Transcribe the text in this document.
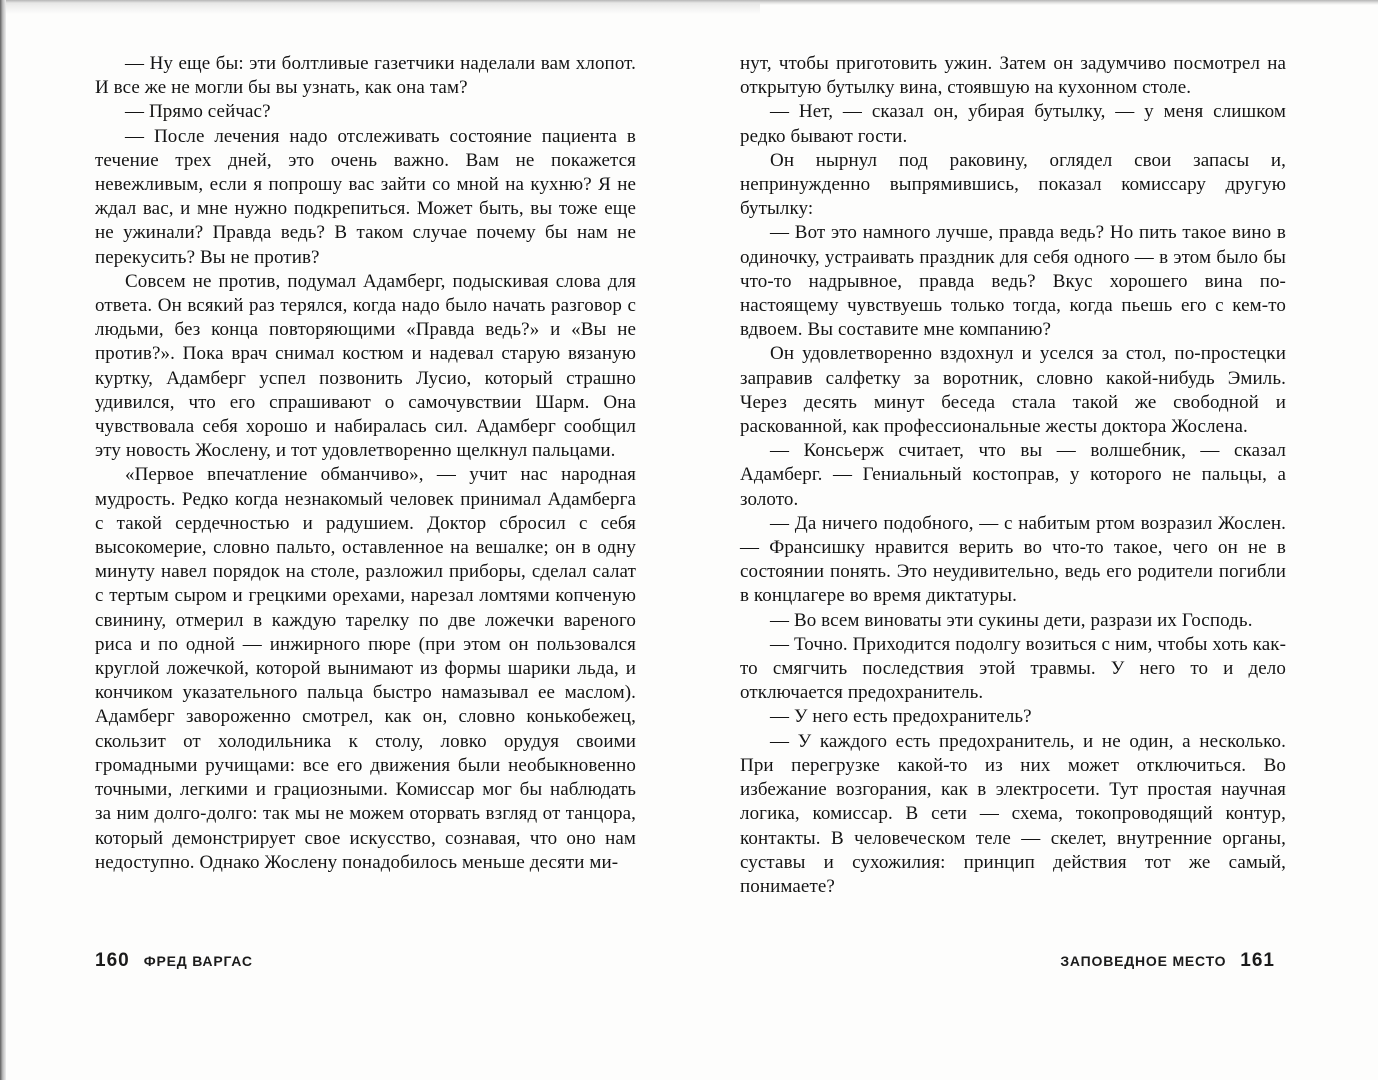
— Ну еще бы: эти болтливые газетчики наделали вам хлопот. И все же не могли бы вы узнать, как она там?

— Прямо сейчас?

— После лечения надо отслеживать состояние пациента в течение трех дней, это очень важно. Вам не покажется невежливым, если я попрошу вас зайти со мной на кухню? Я не ждал вас, и мне нужно подкрепиться. Может быть, вы тоже еще не ужинали? Правда ведь? В таком случае почему бы нам не перекусить? Вы не против?

Совсем не против, подумал Адамберг, подыскивая слова для ответа. Он всякий раз терялся, когда надо было начать разговор с людьми, без конца повторяющими «Правда ведь?» и «Вы не против?». Пока врач снимал костюм и надевал старую вязаную куртку, Адамберг успел позвонить Лусио, который страшно удивился, что его спрашивают о самочувствии Шарм. Она чувствовала себя хорошо и набиралась сил. Адамберг сообщил эту новость Жослену, и тот удовлетворенно щелкнул пальцами.

«Первое впечатление обманчиво», — учит нас народная мудрость. Редко когда незнакомый человек принимал Адамберга с такой сердечностью и радушием. Доктор сбросил с себя высокомерие, словно пальто, оставленное на вешалке; он в одну минуту навел порядок на столе, разложил приборы, сделал салат с тертым сыром и грецкими орехами, нарезал ломтями копченую свинину, отмерил в каждую тарелку по две ложечки вареного риса и по одной — инжирного пюре (при этом он пользовался круглой ложечкой, которой вынимают из формы шарики льда, и кончиком указательного пальца быстро намазывал ее маслом). Адамберг завороженно смотрел, как он, словно конькобежец, скользит от холодильника к столу, ловко орудуя своими громадными ручищами: все его движения были необыкновенно точными, легкими и грациозными. Комиссар мог бы наблюдать за ним долго-долго: так мы не можем оторвать взгляд от танцора, который демонстрирует свое искусство, сознавая, что оно нам недоступно. Однако Жослену понадобилось меньше десяти ми-

160 ФРЕД ВАРГАС

нут, чтобы приготовить ужин. Затем он задумчиво посмотрел на открытую бутылку вина, стоявшую на кухонном столе.

— Нет, — сказал он, убирая бутылку, — у меня слишком редко бывают гости.

Он нырнул под раковину, оглядел свои запасы и, непринужденно выпрямившись, показал комиссару другую бутылку:

— Вот это намного лучше, правда ведь? Но пить такое вино в одиночку, устраивать праздник для себя одного — в этом было бы что-то надрывное, правда ведь? Вкус хорошего вина по-настоящему чувствуешь только тогда, когда пьешь его с кем-то вдвоем. Вы составите мне компанию?

Он удовлетворенно вздохнул и уселся за стол, по-простецки заправив салфетку за воротник, словно какой-нибудь Эмиль. Через десять минут беседа стала такой же свободной и раскованной, как профессиональные жесты доктора Жослена.

— Консьерж считает, что вы — волшебник, — сказал Адамберг. — Гениальный костоправ, у которого не пальцы, а золото.

— Да ничего подобного, — с набитым ртом возразил Жослен. — Франсишку нравится верить во что-то такое, чего он не в состоянии понять. Это неудивительно, ведь его родители погибли в концлагере во время диктатуры.

— Во всем виноваты эти сукины дети, разрази их Господь.

— Точно. Приходится подолгу возиться с ним, чтобы хоть как-то смягчить последствия этой травмы. У него то и дело отключается предохранитель.

— У него есть предохранитель?

— У каждого есть предохранитель, и не один, а несколько. При перегрузке какой-то из них может отключиться. Во избежание возгорания, как в электросети. Тут простая научная логика, комиссар. В сети — схема, токопроводящий контур, контакты. В человеческом теле — скелет, внутренние органы, суставы и сухожилия: принцип действия тот же самый, понимаете?

ЗАПОВЕДНОЕ МЕСТО 161
